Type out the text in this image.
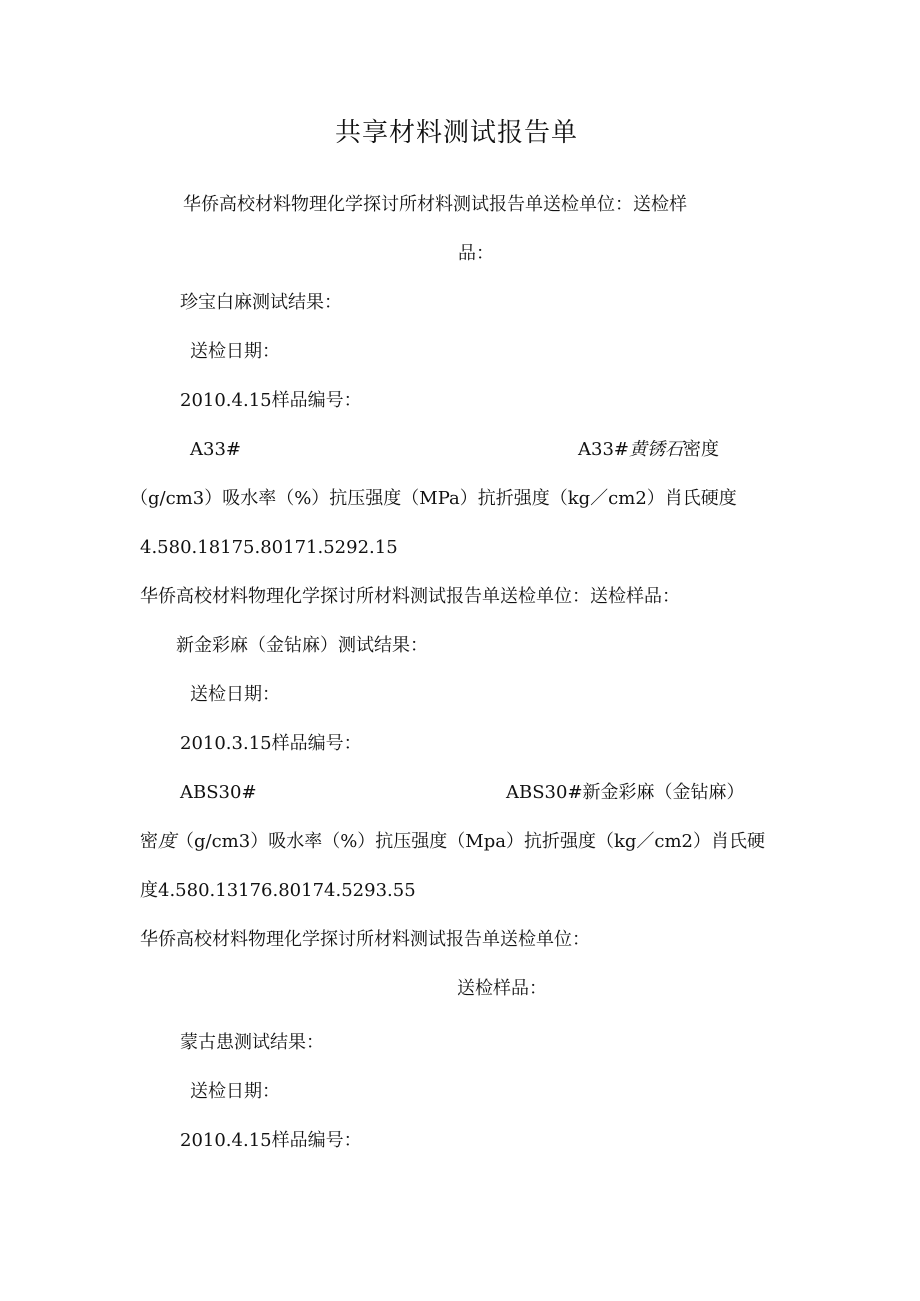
共享材料测试报告单
华侨高校材料物理化学探讨所材料测试报告单送检单位：送检样
品：
珍宝白麻测试结果：
送检日期：
2010.4.15样品编号：
A33#	A33#黄锈石密度
（g/cm3）吸水率（%）抗压强度（MPa）抗折强度（kg／cm2）肖氏硬度
4.580.18175.80171.5292.15
华侨高校材料物理化学探讨所材料测试报告单送检单位：送检样品：
新金彩麻（金钻麻）测试结果：
送检日期：
2010.3.15样品编号：
ABS30#	ABS30#新金彩麻（金钻麻）
密度（g/cm3）吸水率（%）抗压强度（Mpa）抗折强度（kg／cm2）肖氏硬
度4.580.13176.80174.5293.55
华侨高校材料物理化学探讨所材料测试报告单送检单位：
送检样品：
蒙古患测试结果：
送检日期：
2010.4.15样品编号：
